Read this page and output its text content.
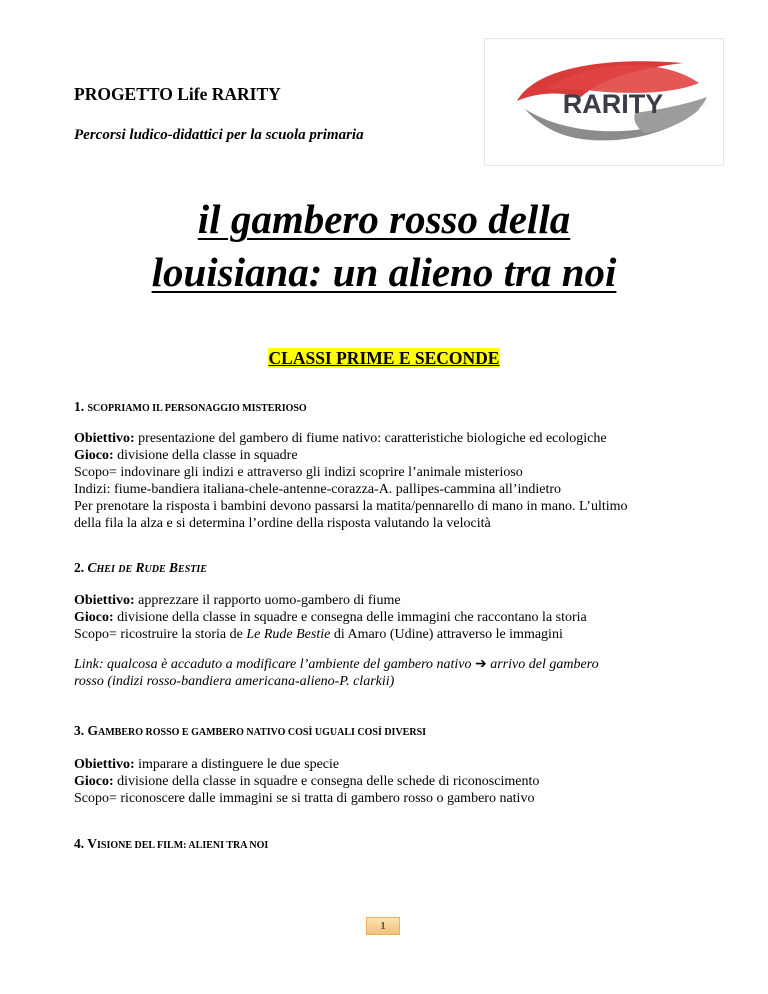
RARITY
PROGETTO Life RARITY
Percorsi ludico-didattici per la scuola primaria
il gambero rosso della
louisiana: un alieno tra noi
CLASSI PRIME E SECONDE
1. SCOPRIAMO IL PERSONAGGIO MISTERIOSO
Obiettivo: presentazione del gambero di fiume nativo: caratteristiche biologiche ed ecologiche
Gioco: divisione della classe in squadre
Scopo= indovinare gli indizi e attraverso gli indizi scoprire l’animale misterioso
Indizi: fiume-bandiera italiana-chele-antenne-corazza-A. pallipes-cammina all’indietro
Per prenotare la risposta i bambini devono passarsi la matita/pennarello di mano in mano. L’ultimo
della fila la alza e si determina l’ordine della risposta valutando la velocità
2. CHEI DE RUDE BESTIE
Obiettivo: apprezzare il rapporto uomo-gambero di fiume
Gioco: divisione della classe in squadre e consegna delle immagini che raccontano la storia
Scopo= ricostruire la storia de Le Rude Bestie di Amaro (Udine) attraverso le immagini
Link: qualcosa è accaduto a modificare l’ambiente del gambero nativo ➔ arrivo del gambero
rosso (indizi rosso-bandiera americana-alieno-P. clarkii)
3. GAMBERO ROSSO E GAMBERO NATIVO COSÌ UGUALI COSÌ DIVERSI
Obiettivo: imparare a distinguere le due specie
Gioco: divisione della classe in squadre e consegna delle schede di riconoscimento
Scopo= riconoscere dalle immagini se si tratta di gambero rosso o gambero nativo
4. VISIONE DEL FILM: ALIENI TRA NOI
1
